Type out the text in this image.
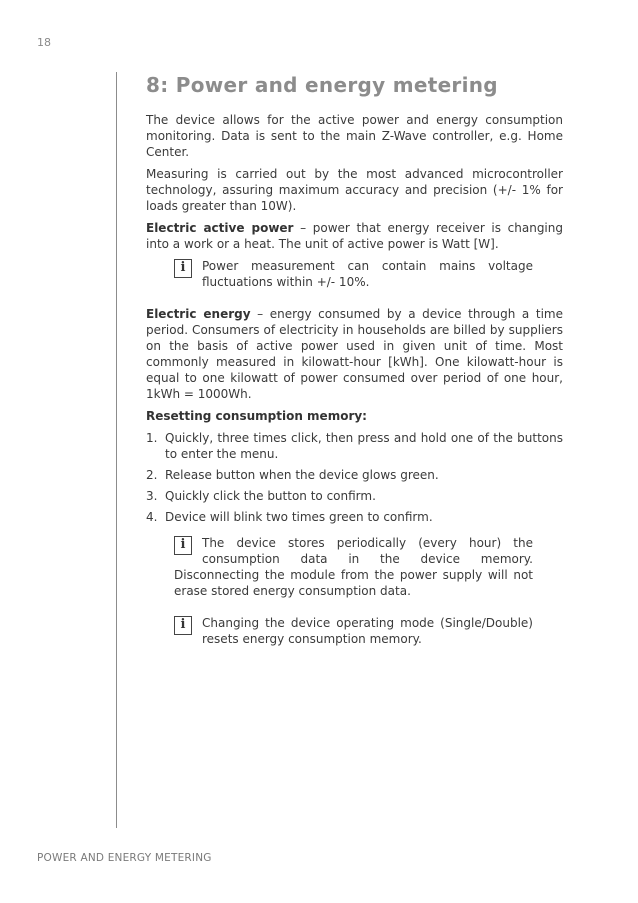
18
8: Power and energy metering

The device allows for the active power and energy consumption monitoring. Data is sent to the main Z-Wave controller, e.g. Home Center.

Measuring is carried out by the most advanced microcontroller technology, assuring maximum accuracy and precision (+/- 1% for loads greater than 10W).

Electric active power – power that energy receiver is changing into a work or a heat. The unit of active power is Watt [W].

i	Power measurement can contain mains voltage fluctuations within +/- 10%.

Electric energy – energy consumed by a device through a time period. Consumers of electricity in households are billed by suppliers on the basis of active power used in given unit of time. Most commonly measured in kilowatt-hour [kWh]. One kilowatt-hour is equal to one kilowatt of power consumed over period of one hour, 1kWh = 1000Wh.

Resetting consumption memory:
1. Quickly, three times click, then press and hold one of the buttons to enter the menu.
2. Release button when the device glows green.
3. Quickly click the button to confirm.
4. Device will blink two times green to confirm.
i	The device stores periodically (every hour) the consumption data in the device memory. Disconnecting the module from the power supply will not erase stored energy consumption data.
i	Changing the device operating mode (Single/Double) resets energy consumption memory.
POWER AND ENERGY METERING
